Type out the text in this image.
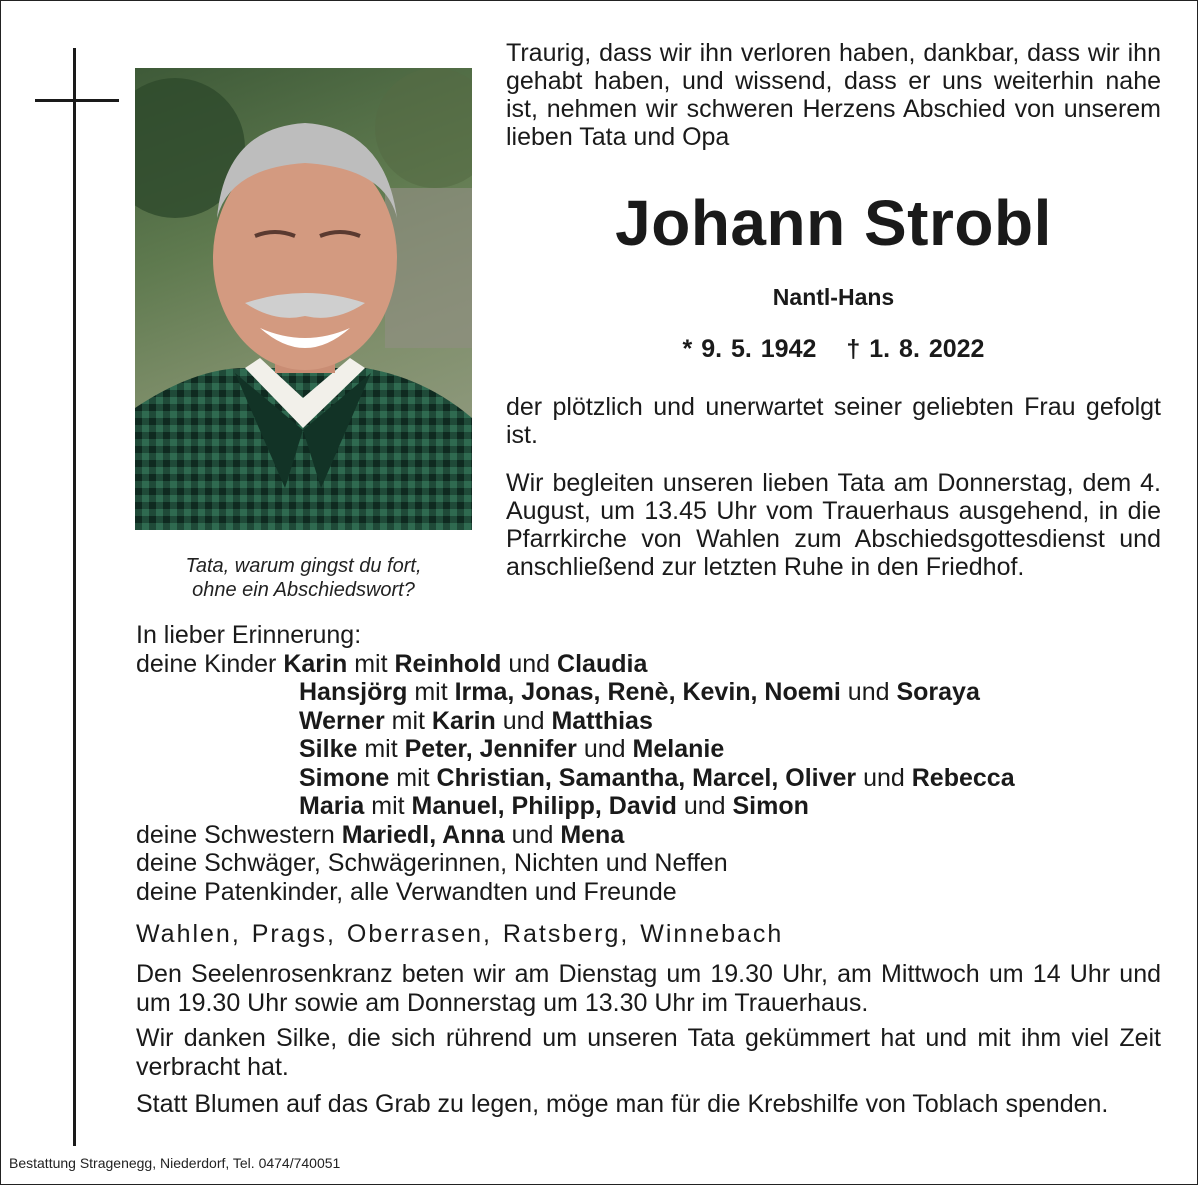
Tata, warum gingst du fort,
ohne ein Abschiedswort?
Traurig, dass wir ihn verloren haben, dankbar, dass wir ihn gehabt haben, und wissend, dass er uns weiterhin nahe ist, nehmen wir schweren Herzens Abschied von unserem lieben Tata und Opa
Johann Strobl
Nantl-Hans
* 9. 5. 1942 † 1. 8. 2022
der plötzlich und unerwartet seiner geliebten Frau gefolgt ist.
Wir begleiten unseren lieben Tata am Donnerstag, dem 4. August, um 13.45 Uhr vom Trauerhaus ausgehend, in die Pfarrkirche von Wahlen zum Abschiedsgottesdienst und anschließend zur letzten Ruhe in den Friedhof.
In lieber Erinnerung:
deine Kinder Karin mit Reinhold und Claudia
Hansjörg mit Irma, Jonas, Renè, Kevin, Noemi und Soraya
Werner mit Karin und Matthias
Silke mit Peter, Jennifer und Melanie
Simone mit Christian, Samantha, Marcel, Oliver und Rebecca
Maria mit Manuel, Philipp, David und Simon
deine Schwestern Mariedl, Anna und Mena
deine Schwäger, Schwägerinnen, Nichten und Neffen
deine Patenkinder, alle Verwandten und Freunde
Wahlen, Prags, Oberrasen, Ratsberg, Winnebach
Den Seelenrosenkranz beten wir am Dienstag um 19.30 Uhr, am Mittwoch um 14 Uhr und um 19.30 Uhr sowie am Donnerstag um 13.30 Uhr im Trauerhaus.
Wir danken Silke, die sich rührend um unseren Tata gekümmert hat und mit ihm viel Zeit verbracht hat.
Statt Blumen auf das Grab zu legen, möge man für die Krebshilfe von Toblach spenden.
Bestattung Stragenegg, Niederdorf, Tel. 0474/740051
